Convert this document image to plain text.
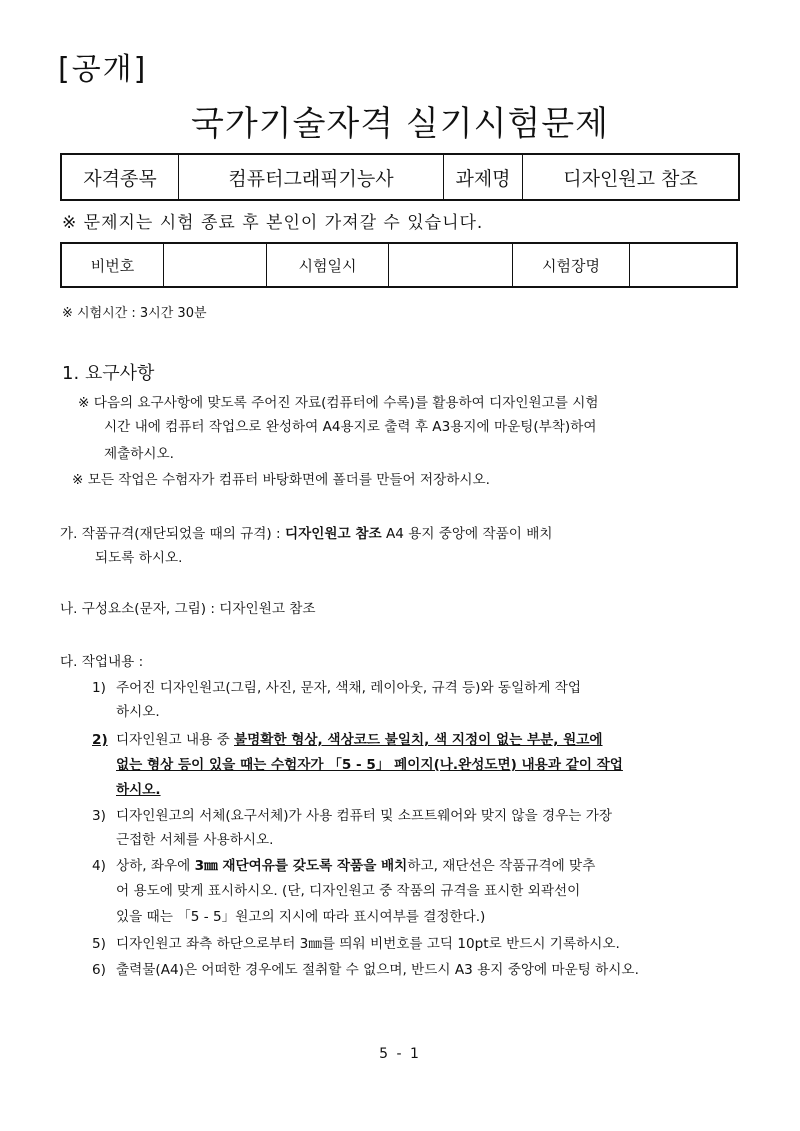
[공개]
국가기술자격 실기시험문제
자격종목	컴퓨터그래픽기능사	과제명	디자인원고 참조
※ 문제지는 시험 종료 후 본인이 가져갈 수 있습니다.
비번호		시험일시		시험장명	
※ 시험시간 : 3시간 30분
1. 요구사항
※ 다음의 요구사항에 맞도록 주어진 자료(컴퓨터에 수록)를 활용하여 디자인원고를 시험
시간 내에 컴퓨터 작업으로 완성하여 A4용지로 출력 후 A3용지에 마운팅(부착)하여
제출하시오.
※ 모든 작업은 수험자가 컴퓨터 바탕화면에 폴더를 만들어 저장하시오.
가. 작품규격(재단되었을 때의 규격) : 디자인원고 참조 A4 용지 중앙에 작품이 배치
되도록 하시오.
나. 구성요소(문자, 그림) : 디자인원고 참조
다. 작업내용 :
1) 주어진 디자인원고(그림, 사진, 문자, 색채, 레이아웃, 규격 등)와 동일하게 작업
하시오.
2) 디자인원고 내용 중 불명확한 형상, 색상코드 불일치, 색 지정이 없는 부분, 원고에
없는 형상 등이 있을 때는 수험자가 「5 - 5」 페이지(나.완성도면) 내용과 같이 작업
하시오.
3) 디자인원고의 서체(요구서체)가 사용 컴퓨터 및 소프트웨어와 맞지 않을 경우는 가장
근접한 서체를 사용하시오.
4) 상하, 좌우에 3㎜ 재단여유를 갖도록 작품을 배치하고, 재단선은 작품규격에 맞추
어 용도에 맞게 표시하시오. (단, 디자인원고 중 작품의 규격을 표시한 외곽선이
있을 때는 「5 - 5」원고의 지시에 따라 표시여부를 결정한다.)
5) 디자인원고 좌측 하단으로부터 3㎜를 띄워 비번호를 고딕 10pt로 반드시 기록하시오.
6) 출력물(A4)은 어떠한 경우에도 절취할 수 없으며, 반드시 A3 용지 중앙에 마운팅 하시오.
5 - 1
